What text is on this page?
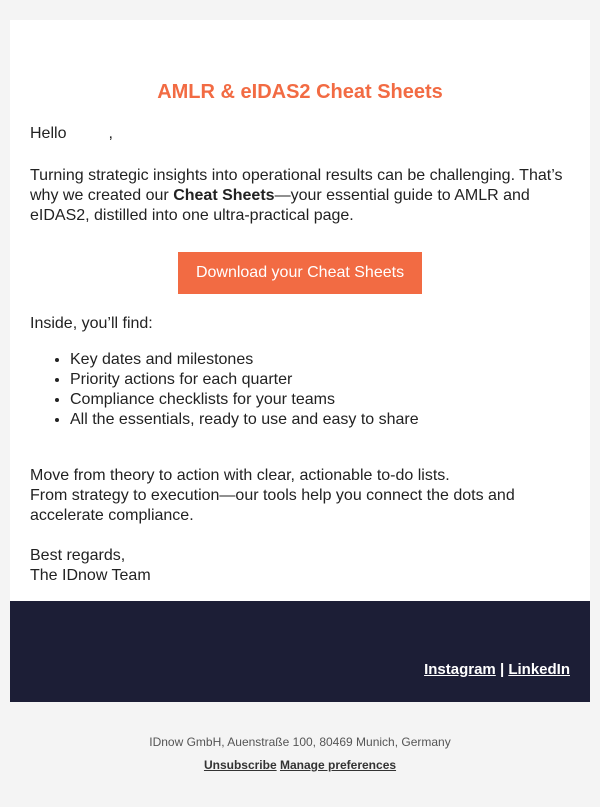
AMLR & eIDAS2 Cheat Sheets

Hello	,

Turning strategic insights into operational results can be challenging. That’s why we created our Cheat Sheets—your essential guide to AMLR and eIDAS2, distilled into one ultra-practical page.

Download your Cheat Sheets

Inside, you’ll find:

• Key dates and milestones
• Priority actions for each quarter
• Compliance checklists for your teams
• All the essentials, ready to use and easy to share

Move from theory to action with clear, actionable to-do lists.

From strategy to execution—our tools help you connect the dots and accelerate compliance.

Best regards,
The IDnow Team

Instagram | LinkedIn
IDnow GmbH, Auenstraße 100, 80469 Munich, Germany
Unsubscribe Manage preferences
